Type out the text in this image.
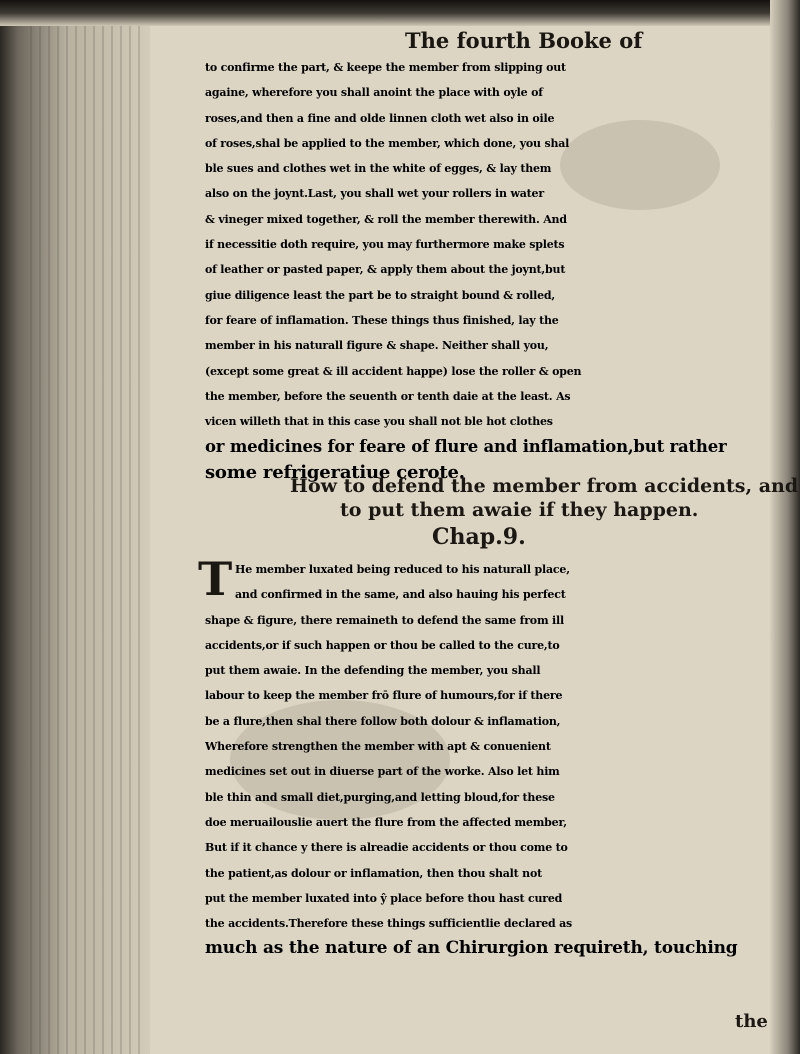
The fourth Booke of
to confirme the part, & keepe the member from slipping out
againe, wherefore you shall anoint the place with oyle of
roses,and then a fine and olde linnen cloth wet also in oile
of roses,shal be applied to the member, which done, you shal
ble sues and clothes wet in the white of egges, & lay them
also on the joynt.Last, you shall wet your rollers in water
& vineger mixed together, & roll the member therewith. And
if necessitie doth require, you may furthermore make splets
of leather or pasted paper, & apply them about the joynt,but
giue diligence least the part be to straight bound & rolled,
for feare of inflamation. These things thus finished, lay the
member in his naturall figure & shape. Neither shall you,
(except some great & ill accident happe) lose the roller & open
the member, before the seuenth or tenth daie at the least. As
vicen willeth that in this case you shall not ble hot clothes
or medicines for feare of flure and inflamation,but rather
some refrigeratiue cerote.
How to defend the member from accidents, and
to put them awaie if they happen.
Chap.9.
T He member luxated being reduced to his naturall place,
and confirmed in the same, and also hauing his perfect
shape & figure, there remaineth to defend the same from ill
accidents,or if such happen or thou be called to the cure,to
put them awaie. In the defending the member, you shall
labour to keep the member frō flure of humours,for if there
be a flure,then shal there follow both dolour & inflamation,
Wherefore strengthen the member with apt & conuenient
medicines set out in diuerse part of the worke. Also let him
ble thin and small diet,purging,and letting bloud,for these
doe meruailouslie auert the flure from the affected member,
But if it chance y there is alreadie accidents or thou come to
the patient,as dolour or inflamation, then thou shalt not
put the member luxated into ŷ place before thou hast cured
the accidents.Therefore these things sufficientlie declared as
much as the nature of an Chirurgion requireth, touching
the
